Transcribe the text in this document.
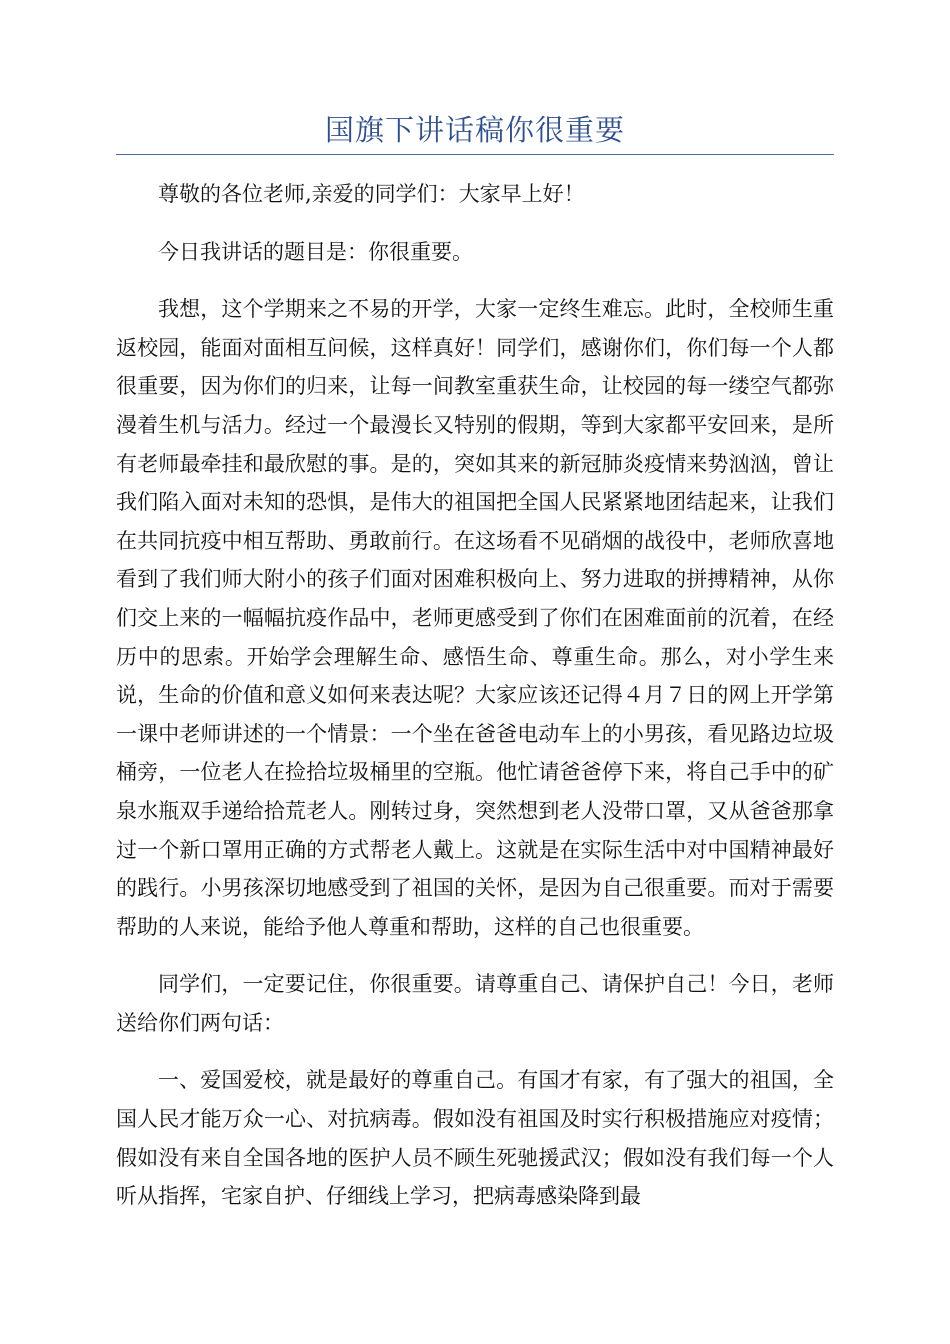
国旗下讲话稿你很重要

尊敬的各位老师,亲爱的同学们：大家早上好！

今日我讲话的题目是：你很重要。

我想，这个学期来之不易的开学，大家一定终生难忘。此时，全校师生重返校园，能面对面相互问候，这样真好！同学们，感谢你们，你们每一个人都很重要，因为你们的归来，让每一间教室重获生命，让校园的每一缕空气都弥漫着生机与活力。经过一个最漫长又特别的假期，等到大家都平安回来，是所有老师最牵挂和最欣慰的事。是的，突如其来的新冠肺炎疫情来势汹汹，曾让我们陷入面对未知的恐惧，是伟大的祖国把全国人民紧紧地团结起来，让我们在共同抗疫中相互帮助、勇敢前行。在这场看不见硝烟的战役中，老师欣喜地看到了我们师大附小的孩子们面对困难积极向上、努力进取的拼搏精神，从你们交上来的一幅幅抗疫作品中，老师更感受到了你们在困难面前的沉着，在经历中的思索。开始学会理解生命、感悟生命、尊重生命。那么，对小学生来说，生命的价值和意义如何来表达呢？大家应该还记得４月７日的网上开学第一课中老师讲述的一个情景：一个坐在爸爸电动车上的小男孩，看见路边垃圾桶旁，一位老人在捡拾垃圾桶里的空瓶。他忙请爸爸停下来，将自己手中的矿泉水瓶双手递给拾荒老人。刚转过身，突然想到老人没带口罩，又从爸爸那拿过一个新口罩用正确的方式帮老人戴上。这就是在实际生活中对中国精神最好的践行。小男孩深切地感受到了祖国的关怀，是因为自己很重要。而对于需要帮助的人来说，能给予他人尊重和帮助，这样的自己也很重要。

同学们，一定要记住，你很重要。请尊重自己、请保护自己！今日，老师送给你们两句话：

一、爱国爱校，就是最好的尊重自己。有国才有家，有了强大的祖国，全国人民才能万众一心、对抗病毒。假如没有祖国及时实行积极措施应对疫情；假如没有来自全国各地的医护人员不顾生死驰援武汉；假如没有我们每一个人听从指挥，宅家自护、仔细线上学习，把病毒感染降到最
